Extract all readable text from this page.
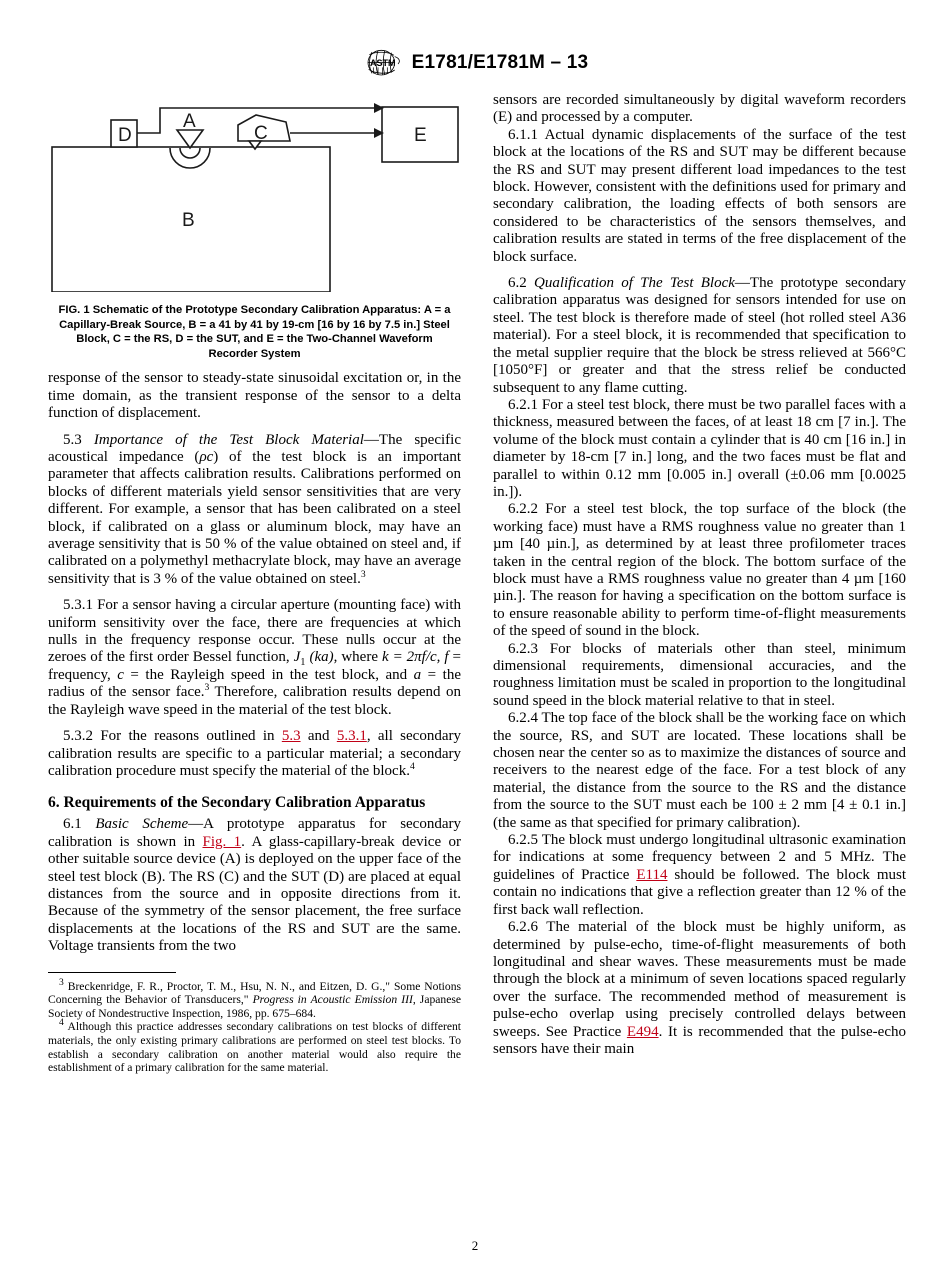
ASTM E1781/E1781M – 13
D
A
C
B
E
FIG. 1 Schematic of the Prototype Secondary Calibration Apparatus: A = a Capillary-Break Source, B = a 41 by 41 by 19-cm [16 by 16 by 7.5 in.] Steel Block, C = the RS, D = the SUT, and E = the Two-Channel Waveform Recorder System

response of the sensor to steady-state sinusoidal excitation or, in the time domain, as the transient response of the sensor to a delta function of displacement.

5.3 Importance of the Test Block Material—The specific acoustical impedance (ρc) of the test block is an important parameter that affects calibration results. Calibrations performed on blocks of different materials yield sensor sensitivities that are very different. For example, a sensor that has been calibrated on a steel block, if calibrated on a glass or aluminum block, may have an average sensitivity that is 50 % of the value obtained on steel and, if calibrated on a polymethyl methacrylate block, may have an average sensitivity that is 3 % of the value obtained on steel.$^3$

5.3.1 For a sensor having a circular aperture (mounting face) with uniform sensitivity over the face, there are frequencies at which nulls in the frequency response occur. These nulls occur at the zeroes of the first order Bessel function, $J_1$ (ka), where k = 2πf/c, f = frequency, c = the Rayleigh speed in the test block, and a = the radius of the sensor face.$^3$ Therefore, calibration results depend on the Rayleigh wave speed in the material of the test block.

5.3.2 For the reasons outlined in 5.3 and 5.3.1, all secondary calibration results are specific to a particular material; a secondary calibration procedure must specify the material of the block.$^4$

6. Requirements of the Secondary Calibration Apparatus

6.1 Basic Scheme—A prototype apparatus for secondary calibration is shown in Fig. 1. A glass-capillary-break device or other suitable source device (A) is deployed on the upper face of the steel test block (B). The RS (C) and the SUT (D) are placed at equal distances from the source and in opposite directions from it. Because of the symmetry of the sensor placement, the free surface displacements at the locations of the RS and SUT are the same. Voltage transients from the two

$^3$ Breckenridge, F. R., Proctor, T. M., Hsu, N. N., and Eitzen, D. G.," Some Notions Concerning the Behavior of Transducers," Progress in Acoustic Emission III, Japanese Society of Nondestructive Inspection, 1986, pp. 675–684.

$^4$ Although this practice addresses secondary calibrations on test blocks of different materials, the only existing primary calibrations are performed on steel test blocks. To establish a secondary calibration on another material would also require the establishment of a primary calibration for the same material.

sensors are recorded simultaneously by digital waveform recorders (E) and processed by a computer.

6.1.1 Actual dynamic displacements of the surface of the test block at the locations of the RS and SUT may be different because the RS and SUT may present different load impedances to the test block. However, consistent with the definitions used for primary and secondary calibration, the loading effects of both sensors are considered to be characteristics of the sensors themselves, and calibration results are stated in terms of the free displacement of the block surface.

6.2 Qualification of The Test Block—The prototype secondary calibration apparatus was designed for sensors intended for use on steel. The test block is therefore made of steel (hot rolled steel A36 material). For a steel block, it is recommended that specification to the metal supplier require that the block be stress relieved at 566°C [1050°F] or greater and that the stress relief be conducted subsequent to any flame cutting.

6.2.1 For a steel test block, there must be two parallel faces with a thickness, measured between the faces, of at least 18 cm [7 in.]. The volume of the block must contain a cylinder that is 40 cm [16 in.] in diameter by 18-cm [7 in.] long, and the two faces must be flat and parallel to within 0.12 mm [0.005 in.] overall (±0.06 mm [0.0025 in.]).

6.2.2 For a steel test block, the top surface of the block (the working face) must have a RMS roughness value no greater than 1 µm [40 µin.], as determined by at least three profilometer traces taken in the central region of the block. The bottom surface of the block must have a RMS roughness value no greater than 4 µm [160 µin.]. The reason for having a specification on the bottom surface is to ensure reasonable ability to perform time-of-flight measurements of the speed of sound in the block.

6.2.3 For blocks of materials other than steel, minimum dimensional requirements, dimensional accuracies, and the roughness limitation must be scaled in proportion to the longitudinal sound speed in the block material relative to that in steel.

6.2.4 The top face of the block shall be the working face on which the source, RS, and SUT are located. These locations shall be chosen near the center so as to maximize the distances of source and receivers to the nearest edge of the face. For a test block of any material, the distance from the source to the RS and the distance from the source to the SUT must each be 100 ± 2 mm [4 ± 0.1 in.] (the same as that specified for primary calibration).

6.2.5 The block must undergo longitudinal ultrasonic examination for indications at some frequency between 2 and 5 MHz. The guidelines of Practice E114 should be followed. The block must contain no indications that give a reflection greater than 12 % of the first back wall reflection.

6.2.6 The material of the block must be highly uniform, as determined by pulse-echo, time-of-flight measurements of both longitudinal and shear waves. These measurements must be made through the block at a minimum of seven locations spaced regularly over the surface. The recommended method of measurement is pulse-echo overlap using precisely controlled delays between sweeps. See Practice E494. It is recommended that the pulse-echo sensors have their main

2
